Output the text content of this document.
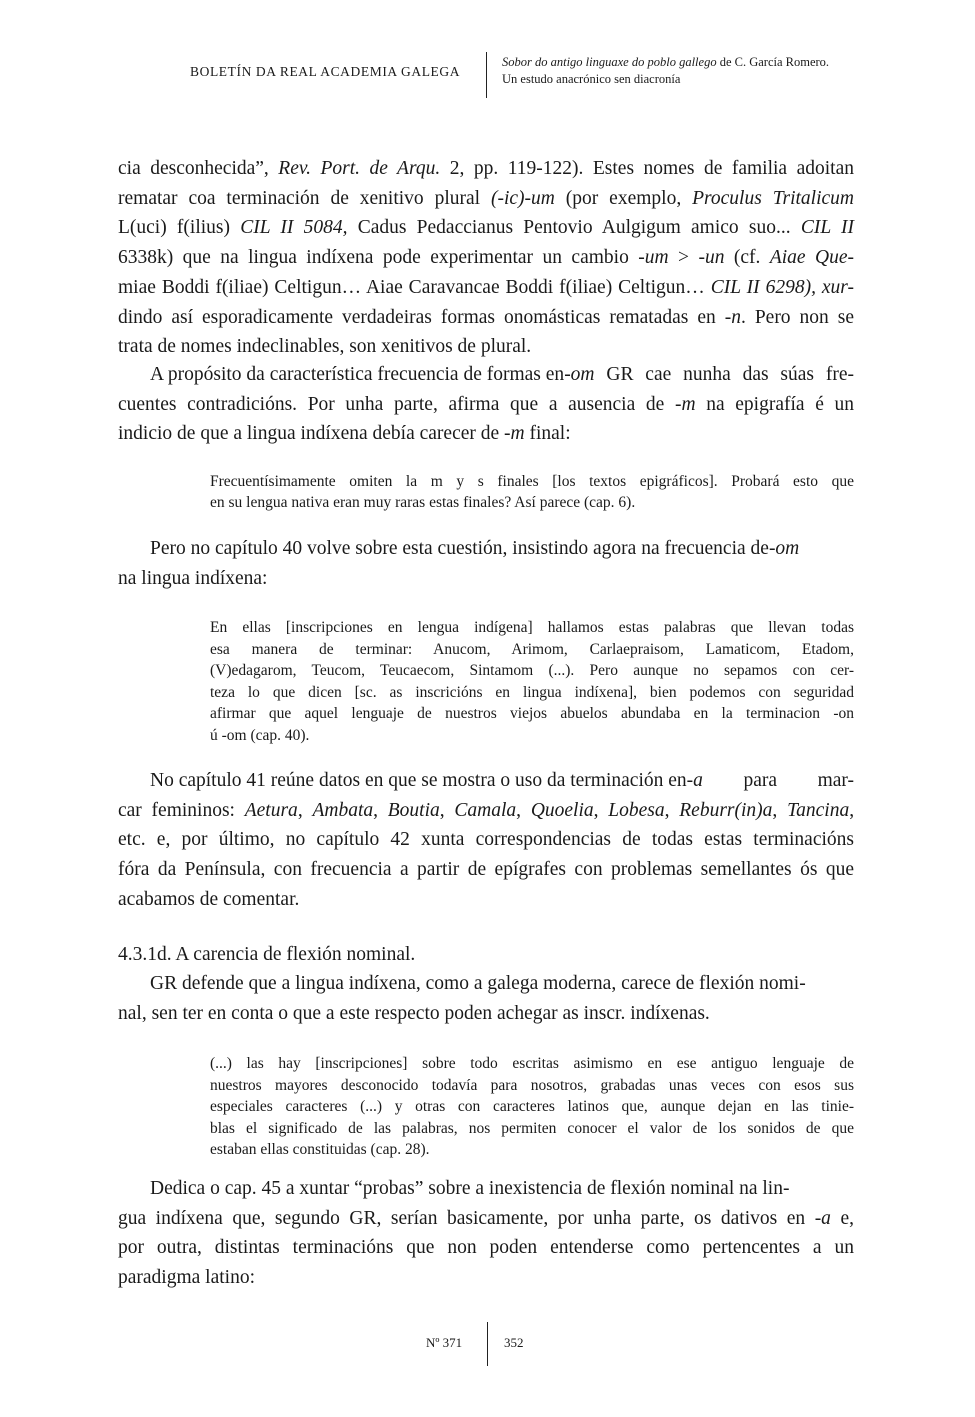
BOLETÍN DA REAL ACADEMIA GALEGA
Sobor do antigo linguaxe do poblo gallego de C. García Romero.
Un estudo anacrónico sen diacronía
cia desconhecida”, Rev. Port. de Arqu. 2, pp. 119-122). Estes nomes de familia adoitan
rematar coa terminación de xenitivo plural (-ic)-um (por exemplo, Proculus Tritalicum
L(uci) f(ilius) CIL II 5084, Cadus Pedaccianus Pentovio Aulgigum amico suo... CIL II
6338k) que na lingua indíxena pode experimentar un cambio -um > -un (cf. Aiae Que-
miae Boddi f(iliae) Celtigun… Aiae Caravancae Boddi f(iliae) Celtigun… CIL II 6298), xur-
dindo así esporadicamente verdadeiras formas onomásticas rematadas en -n. Pero non se
trata de nomes indeclinables, son xenitivos de plural.
A propósito da característica frecuencia de formas en-om GR cae nunha das súas fre-
cuentes contradicións. Por unha parte, afirma que a ausencia de -m na epigrafía é un
indicio de que a lingua indíxena debía carecer de -m final:
Frecuentísimamente omiten la m y s finales [los textos epigráficos]. Probará esto que
en su lengua nativa eran muy raras estas finales? Así parece (cap. 6).
Pero no capítulo 40 volve sobre esta cuestión, insistindo agora na frecuencia de-om
na lingua indíxena:
En ellas [inscripciones en lengua indígena] hallamos estas palabras que llevan todas
esa manera de terminar: Anucom, Arimom, Carlaepraisom, Lamaticom, Etadom,
(V)edagarom, Teucom, Teucaecom, Sintamom (...). Pero aunque no sepamos con cer-
teza lo que dicen [sc. as inscricións en lingua indíxena], bien podemos con seguridad
afirmar que aquel lenguaje de nuestros viejos abuelos abundaba en la terminacion -on
ú -om (cap. 40).
No capítulo 41 reúne datos en que se mostra o uso da terminación en-a para mar-
car femininos: Aetura, Ambata, Boutia, Camala, Quoelia, Lobesa, Reburr(in)a, Tancina,
etc. e, por último, no capítulo 42 xunta correspondencias de todas estas terminacións
fóra da Península, con frecuencia a partir de epígrafes con problemas semellantes ós que
acabamos de comentar.
4.3.1d. A carencia de flexión nominal.
GR defende que a lingua indíxena, como a galega moderna, carece de flexión nomi-
nal, sen ter en conta o que a este respecto poden achegar as inscr. indíxenas.
(...) las hay [inscripciones] sobre todo escritas asimismo en ese antiguo lenguaje de
nuestros mayores desconocido todavía para nosotros, grabadas unas veces con esos sus
especiales caracteres (...) y otras con caracteres latinos que, aunque dejan en las tinie-
blas el significado de las palabras, nos permiten conocer el valor de los sonidos de que
estaban ellas constituidas (cap. 28).
Dedica o cap. 45 a xuntar “probas” sobre a inexistencia de flexión nominal na lin-
gua indíxena que, segundo GR, serían basicamente, por unha parte, os dativos en -a e,
por outra, distintas terminacións que non poden entenderse como pertencentes a un
paradigma latino:
Nº 371	352
